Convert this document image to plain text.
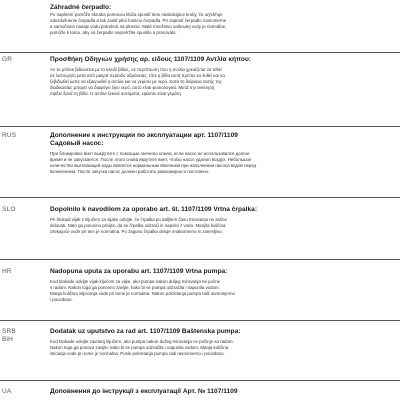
Záhradné čerpadlo:

Po naplnení pomôže skrutka pomocou klúča spustiť tieto nasledujúce kroky, čo urýchľuje

odvzdušnenie čerpadla a tak zaistí plnú funkciu čerpadla. Pri zapnutí čerpadlo rovnomerne

a samočinne nasaje vodu potrebnú na plnenie. Malé množstvo uniknutej vody je normálne,

pomôže k tomu, aby sa čerpadlo nepretržite spustilo a pracovalo.

GR	Προσθήκη Οδηγιών χρήσης αρ. είδους 1107/1109 Αντλία κήπου:

Αν το μπλοκ βιδώνεται με το κλειδί βίδας, σε περίπτωση που η αντλία χρειάζεται να τεθεί

σε λειτουργία μετά από μακρά περίοδο αδράνειας, τότε η βίδα αυτή πρέπει να λυθεί και να

ξεβιδωθεί ώστε να εξαερωθεί η αντλία και να γεμίσει με νερό. Κατά τη διάρκεια αυτής της

διαδικασίας μπορεί να διαφύγει λίγο νερό, αυτό είναι φυσιολογικό. Μετά την εκκίνηση

σφίξτε ξανά τη βίδα. Η αντλία ξεκινά αυτόματα, εφόσον είναι γεμάτη.

RUS	Дополнение к инструкции по эксплуатации арт. 1107/1109

Садовый насос:

При блокировке винт выкрутите с помощью гаечного ключа, если насос не использовался долгое

время и не запускается. После этого снова вкрутите винт, чтобы насос удалил воздух. Небольшое

количество вытекающей воды является нормальным явлением при наполнении насоса водой перед

включением. После запуска насос должен работать равномерно и постоянно.

SLO	Dopolnilo k navodilom za uporabo art. št. 1107/1109 Vrtna črpalka:

Pri blokadi vijak s ključem za vijake odvijte, če črpalka po daljšem času mirovanja ne začne

delovati. Nato ga ponovno privijte, da se črpalka odzrači in napolni z vodo. Manjša količina

iztekajoče vode pri tem je normalna. Po zagonu črpalka deluje enakomerno in zanesljivo.

HR	Nadopuna uputa za uporabu art. 1107/1109 Vrtna pumpa:

Kod blokade odvijte vijak ključem za vijke, ako pumpa nakon duljeg mirovanja ne počne

s radom. Nakon toga ga ponovno zavijte, kako bi se pumpa odzračila i napunila vodom.

Manja količina istjecanja vode pri tome je normalna. Nakon pokretanja pumpa radi ravnomjerno

i pouzdano.

SRB
BiH

Dodatak uz uputstvo za rad art. 1107/1109 Baštenska pumpa:

Kod blokade odvijte zavrtanj ključem, ako pumpa nakon dužeg mirovanja ne počinje sa radom.

Nakon toga ga ponovo zavijte, kako bi se pumpa odzračila i napunila vodom. Manja količina

isticanja vode pri tome je normalna. Posle pokretanja pumpa radi ravnomerno i pouzdano.

UA	Доповнення до інструкції з експлуатації Арт. № 1107/1109
